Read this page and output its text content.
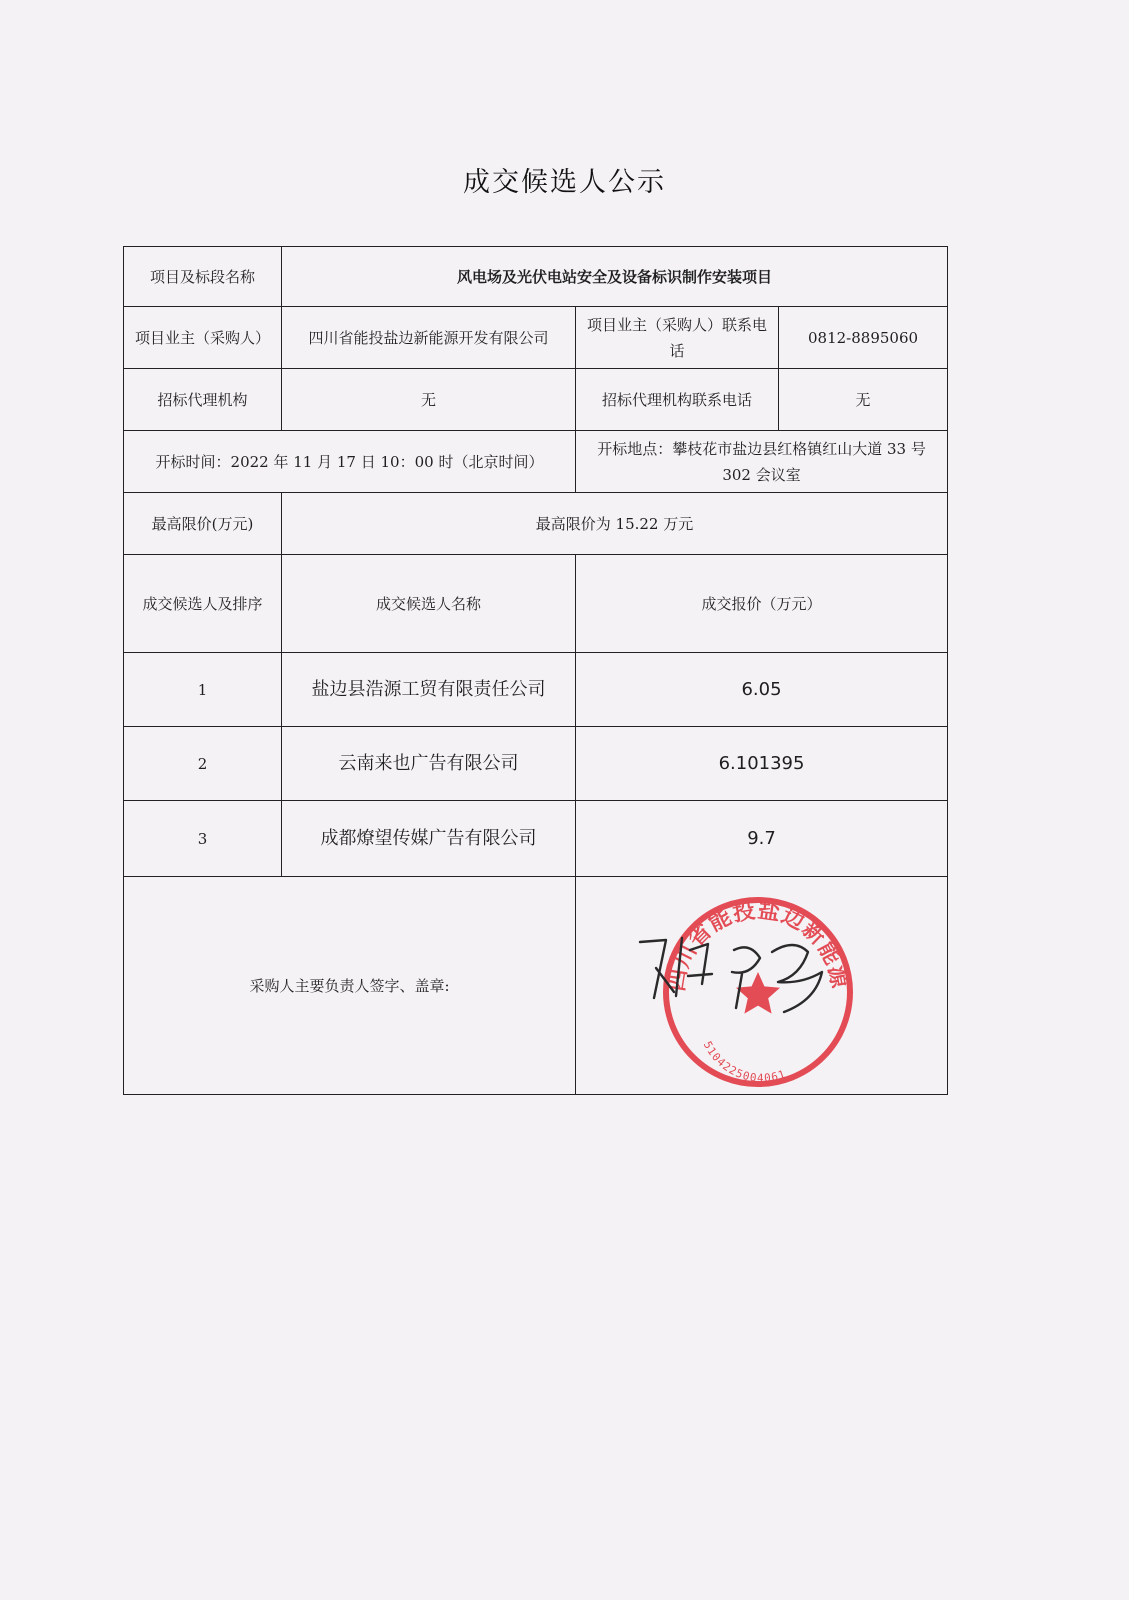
成交候选人公示
项目及标段名称	风电场及光伏电站安全及设备标识制作安装项目		
项目业主（采购人）	四川省能投盐边新能源开发有限公司	项目业主（采购人）联系电话	0812-8895060
招标代理机构	无	招标代理机构联系电话	无
开标时间：2022 年 11 月 17 日 10：00 时（北京时间）		开标地点：攀枝花市盐边县红格镇红山大道 33 号 302 会议室	
最高限价(万元)	最高限价为 15.22 万元		
成交候选人及排序	成交候选人名称	成交报价（万元）	
1	盐边县浩源工贸有限责任公司	6.05	
2	云南来也广告有限公司	6.101395	
3	成都燎望传媒广告有限公司	9.7	
采购人主要负责人签字、盖章:				四川省能投盐边新能源
5104225004061
